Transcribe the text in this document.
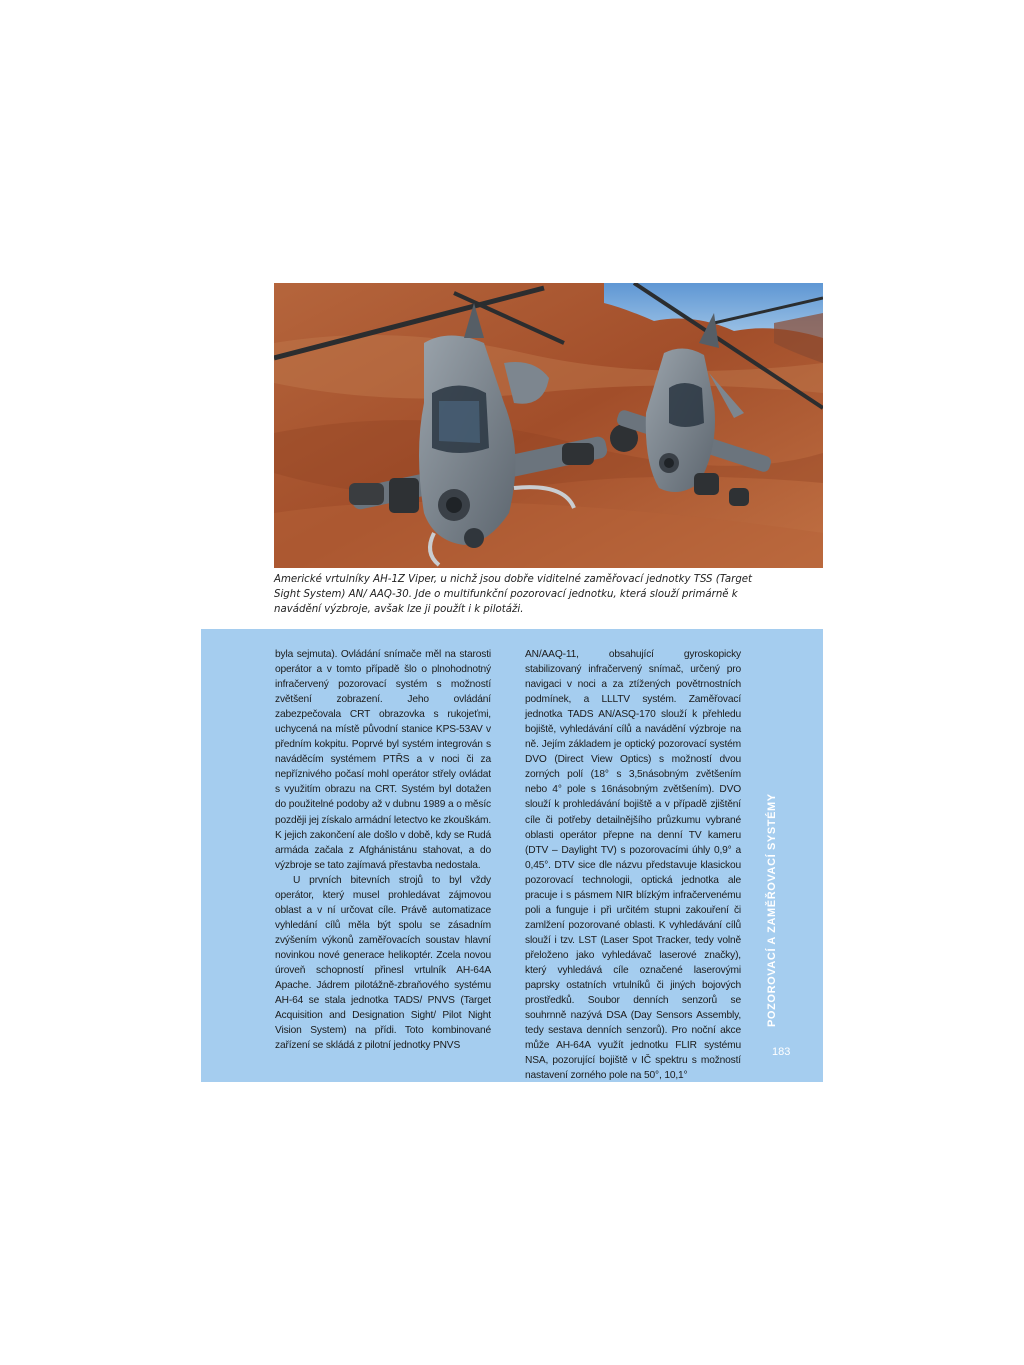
Americké vrtulníky AH-1Z Viper, u nichž jsou dobře viditelné zaměřovací jednotky TSS (Target Sight System) AN/ AAQ-30. Jde o multifunkční pozorovací jednotku, která slouží primárně k navádění výzbroje, avšak lze ji použít i k pilotáži.

byla sejmuta). Ovládání snímače měl na starosti operátor a v tomto případě šlo o plnohodnotný infračervený pozorovací systém s možností zvětšení zobrazení. Jeho ovládání zabezpečovala CRT obrazovka s rukojeťmi, uchycená na místě původní stanice KPS-53AV v předním kokpitu. Poprvé byl systém integrován s naváděcím systémem PTŘS a v noci či za nepříznivého počasí mohl operátor střely ovládat s využitím obrazu na CRT. Systém byl dotažen do použitelné podoby až v dubnu 1989 a o měsíc později jej získalo armádní letectvo ke zkouškám. K jejich zakončení ale došlo v době, kdy se Rudá armáda začala z Afghánistánu stahovat, a do výzbroje se tato zajímavá přestavba nedostala.

U prvních bitevních strojů to byl vždy operátor, který musel prohledávat zájmovou oblast a v ní určovat cíle. Právě automatizace vyhledání cílů měla být spolu se zásadním zvýšením výkonů zaměřovacích soustav hlavní novinkou nové generace helikoptér. Zcela novou úroveň schopností přinesl vrtulník AH-64A Apache. Jádrem pilotážně-zbraňového systému AH-64 se stala jednotka TADS/ PNVS (Target Acquisition and Designation Sight/ Pilot Night Vision System) na přídi. Toto kombinované zařízení se skládá z pilotní jednotky PNVS

AN/AAQ-11, obsahující gyroskopicky stabilizovaný infračervený snímač, určený pro navigaci v noci a za ztížených povětrnostních podmínek, a LLLTV systém. Zaměřovací jednotka TADS AN/ASQ-170 slouží k přehledu bojiště, vyhledávání cílů a navádění výzbroje na ně. Jejím základem je optický pozorovací systém DVO (Direct View Optics) s možností dvou zorných polí (18° s 3,5násobným zvětšením nebo 4° pole s 16násobným zvětšením). DVO slouží k prohledávání bojiště a v případě zjištění cíle či potřeby detailnějšího průzkumu vybrané oblasti operátor přepne na denní TV kameru (DTV – Daylight TV) s pozorovacími úhly 0,9° a 0,45°. DTV sice dle názvu představuje klasickou pozorovací technologii, optická jednotka ale pracuje i s pásmem NIR blízkým infračervenému poli a funguje i při určitém stupni zakouření či zamlžení pozorované oblasti. K vyhledávání cílů slouží i tzv. LST (Laser Spot Tracker, tedy volně přeloženo jako vyhledávač laserové značky), který vyhledává cíle označené laserovými paprsky ostatních vrtulníků či jiných bojových prostředků. Soubor denních senzorů se souhrnně nazývá DSA (Day Sensors Assembly, tedy sestava denních senzorů). Pro noční akce může AH-64A využít jednotku FLIR systému NSA, pozorující bojiště v IČ spektru s možností nastavení zorného pole na 50°, 10,1°

POZOROVACÍ A ZAMĚŘOVACÍ SYSTÉMY
183
